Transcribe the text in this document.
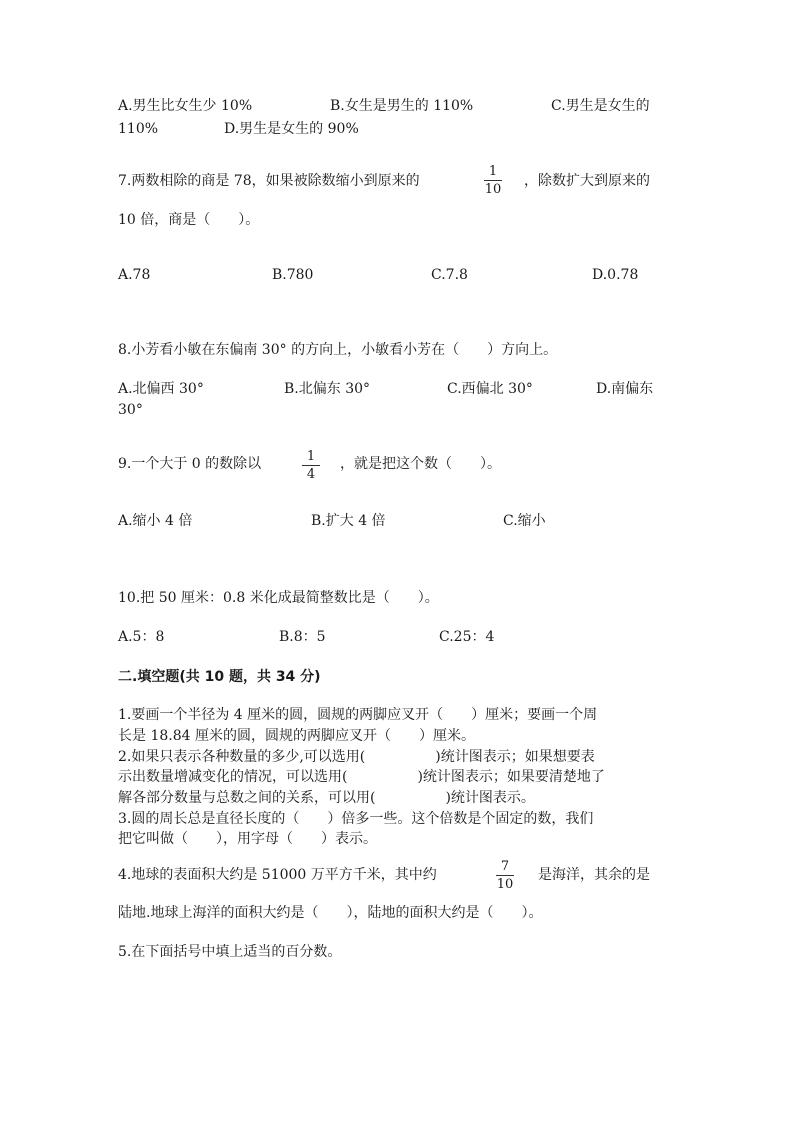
A.男生比女生少 10%	B.女生是男生的 110%	C.男生是女生的
110%	D.男生是女生的 90%
7.两数相除的商是 78，如果被除数缩小到原来的
1
10
，除数扩大到原来的
10 倍，商是（　　）。
A.78	B.780	C.7.8	D.0.78
8.小芳看小敏在东偏南 30° 的方向上，小敏看小芳在（　　）方向上。
A.北偏西 30°	B.北偏东 30°	C.西偏北 30°	D.南偏东
30°
9.一个大于 0 的数除以	1
4
，就是把这个数（　　）。
A.缩小 4 倍	B.扩大 4 倍	C.缩小
10.把 50 厘米：0.8 米化成最简整数比是（　　）。
A.5：8	B.8：5	C.25：4
二.填空题(共 10 题，共 34 分)
1.要画一个半径为 4 厘米的圆，圆规的两脚应叉开（　　）厘米；要画一个周
长是 18.84 厘米的圆，圆规的两脚应叉开（　　）厘米。
2.如果只表示各种数量的多少,可以选用(　　　　　)统计图表示；如果想要表
示出数量增减变化的情况，可以选用(　　　　　)统计图表示；如果要清楚地了
解各部分数量与总数之间的关系，可以用(　　　　　)统计图表示。
3.圆的周长总是直径长度的（　　）倍多一些。这个倍数是个固定的数，我们
把它叫做（　　），用字母（　　）表示。
4.地球的表面积大约是 51000 万平方千米，其中约
7
10
是海洋，其余的是
陆地.地球上海洋的面积大约是（　　），陆地的面积大约是（　　）。
5.在下面括号中填上适当的百分数。
